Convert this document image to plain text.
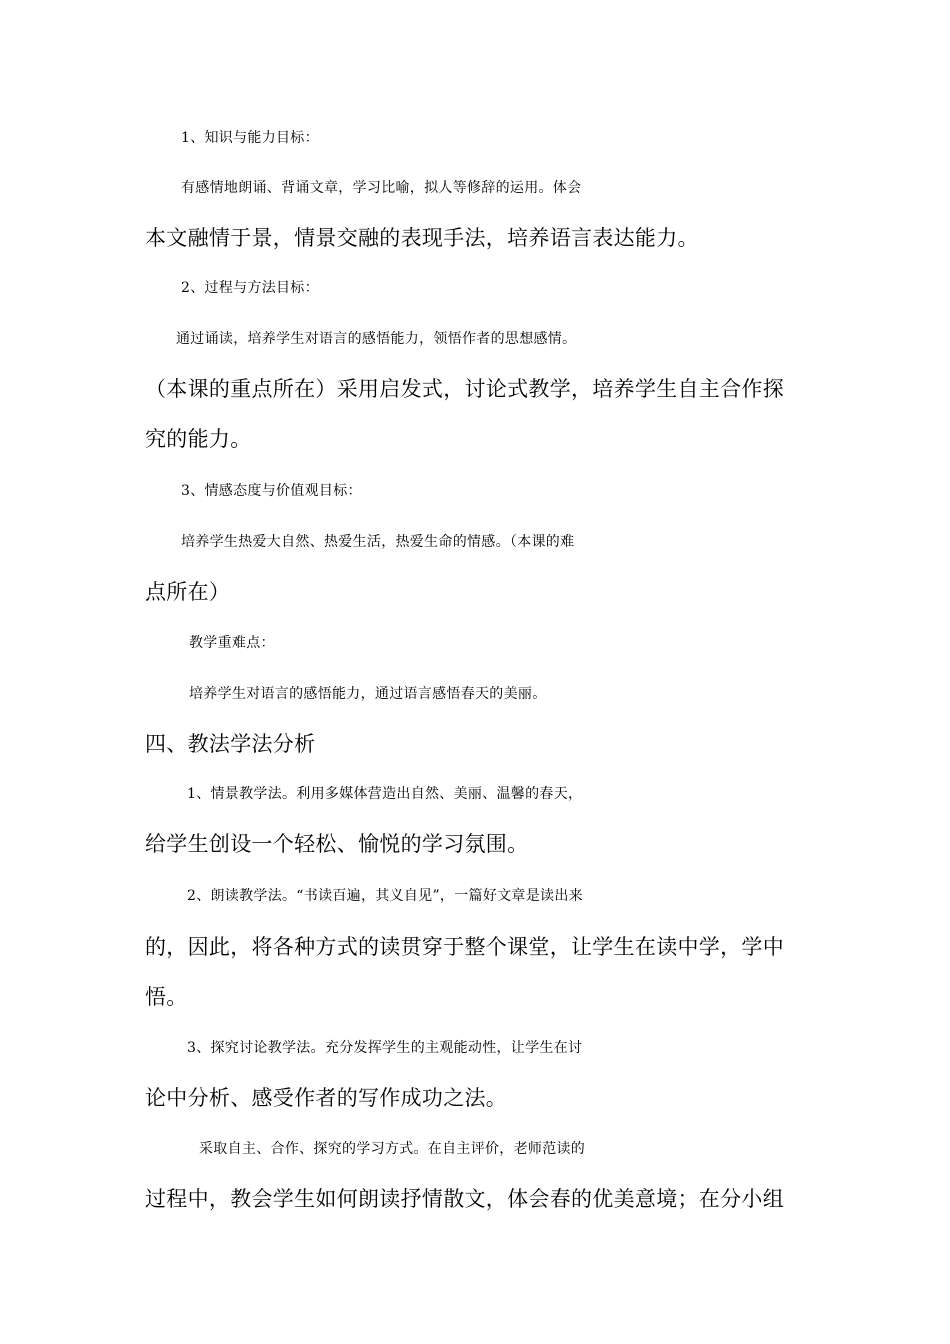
1、知识与能力目标：
有感情地朗诵、背诵文章，学习比喻，拟人等修辞的运用。体会
本文融情于景，情景交融的表现手法，培养语言表达能力。
2、过程与方法目标：
通过诵读，培养学生对语言的感悟能力，领悟作者的思想感情。
（本课的重点所在）采用启发式，讨论式教学，培养学生自主合作探
究的能力。
3、情感态度与价值观目标：
培养学生热爱大自然、热爱生活，热爱生命的情感。（本课的难
点所在）
教学重难点：
培养学生对语言的感悟能力，通过语言感悟春天的美丽。
四、教法学法分析
1、情景教学法。利用多媒体营造出自然、美丽、温馨的春天，
给学生创设一个轻松、愉悦的学习氛围。
2、朗读教学法。“书读百遍，其义自见”，一篇好文章是读出来
的，因此，将各种方式的读贯穿于整个课堂，让学生在读中学，学中
悟。
3、探究讨论教学法。充分发挥学生的主观能动性，让学生在讨
论中分析、感受作者的写作成功之法。
采取自主、合作、探究的学习方式。在自主评价，老师范读的
过程中，教会学生如何朗读抒情散文，体会春的优美意境；在分小组
